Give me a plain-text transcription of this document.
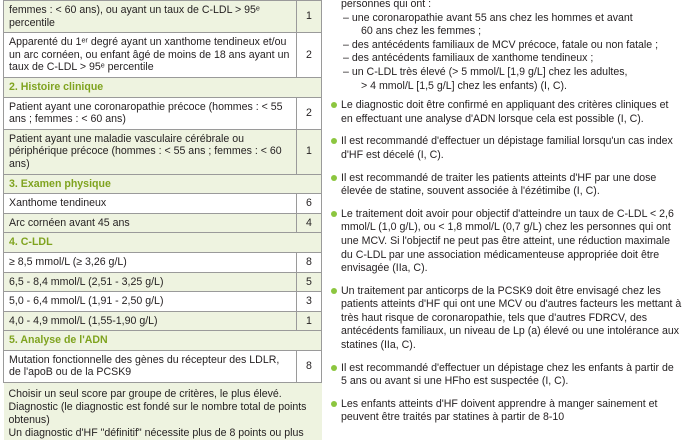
femmes : < 60 ans), ou ayant un taux de C-LDL > 95ᵉ percentile	1
Apparenté du 1ᵉʳ degré ayant un xanthome tendineux et/ou un arc cornéen, ou enfant âgé de moins de 18 ans ayant un taux de C-LDL > 95ᵉ percentile	2
2. Histoire clinique	
Patient ayant une coronaropathie précoce (hommes : < 55 ans ; femmes : < 60 ans)	2
Patient ayant une maladie vasculaire cérébrale ou périphérique précoce (hommes : < 55 ans ; femmes : < 60 ans)	1
3. Examen physique	
Xanthome tendineux	6
Arc cornéen avant 45 ans	4
4. C-LDL	
≥ 8,5 mmol/L (≥ 3,26 g/L)	8
6,5 - 8,4 mmol/L (2,51 - 3,25 g/L)	5
5,0 - 6,4 mmol/L (1,91 - 2,50 g/L)	3
4,0 - 4,9 mmol/L (1,55-1,90 g/L)	1
5. Analyse de l'ADN	
Mutation fonctionnelle des gènes du récepteur des LDLR, de l'apoB ou de la PCSK9	8

Choisir un seul score par groupe de critères, le plus élevé.
Diagnostic (le diagnostic est fondé sur le nombre total de points obtenus)
Un diagnostic d'HF "définitif" nécessite plus de 8 points ou plus	
personnes qui ont :
– une coronaropathie avant 55 ans chez les hommes et avant
60 ans chez les femmes ;
– des antécédents familiaux de MCV précoce, fatale ou non fatale ;
– des antécédents familiaux de xanthome tendineux ;
– un C-LDL très élevé (> 5 mmol/L [1,9 g/L] chez les adultes,
> 4 mmol/L [1,5 g/L] chez les enfants) (I, C).
Le diagnostic doit être confirmé en appliquant des critères cliniques et en effectuant une analyse d'ADN lorsque cela est possible (I, C).
Il est recommandé d'effectuer un dépistage familial lorsqu'un cas index d'HF est décelé (I, C).
Il est recommandé de traiter les patients atteints d'HF par une dose élevée de statine, souvent associée à l'ézétimibe (I, C).
Le traitement doit avoir pour objectif d'atteindre un taux de C-LDL < 2,6 mmol/L (1,0 g/L), ou < 1,8 mmol/L (0,7 g/L) chez les personnes qui ont une MCV. Si l'objectif ne peut pas être atteint, une réduction maximale du C-LDL par une association médicamenteuse appropriée doit être envisagée (IIa, C).
Un traitement par anticorps de la PCSK9 doit être envisagé chez les patients atteints d'HF qui ont une MCV ou d'autres facteurs les mettant à très haut risque de coronaropathie, tels que d'autres FDRCV, des antécédents familiaux, un niveau de Lp (a) élevé ou une intolérance aux statines (IIa, C).
Il est recommandé d'effectuer un dépistage chez les enfants à partir de 5 ans ou avant si une HFho est suspectée (I, C).
Les enfants atteints d'HF doivent apprendre à manger sainement et peuvent être traités par statines à partir de 8-10
